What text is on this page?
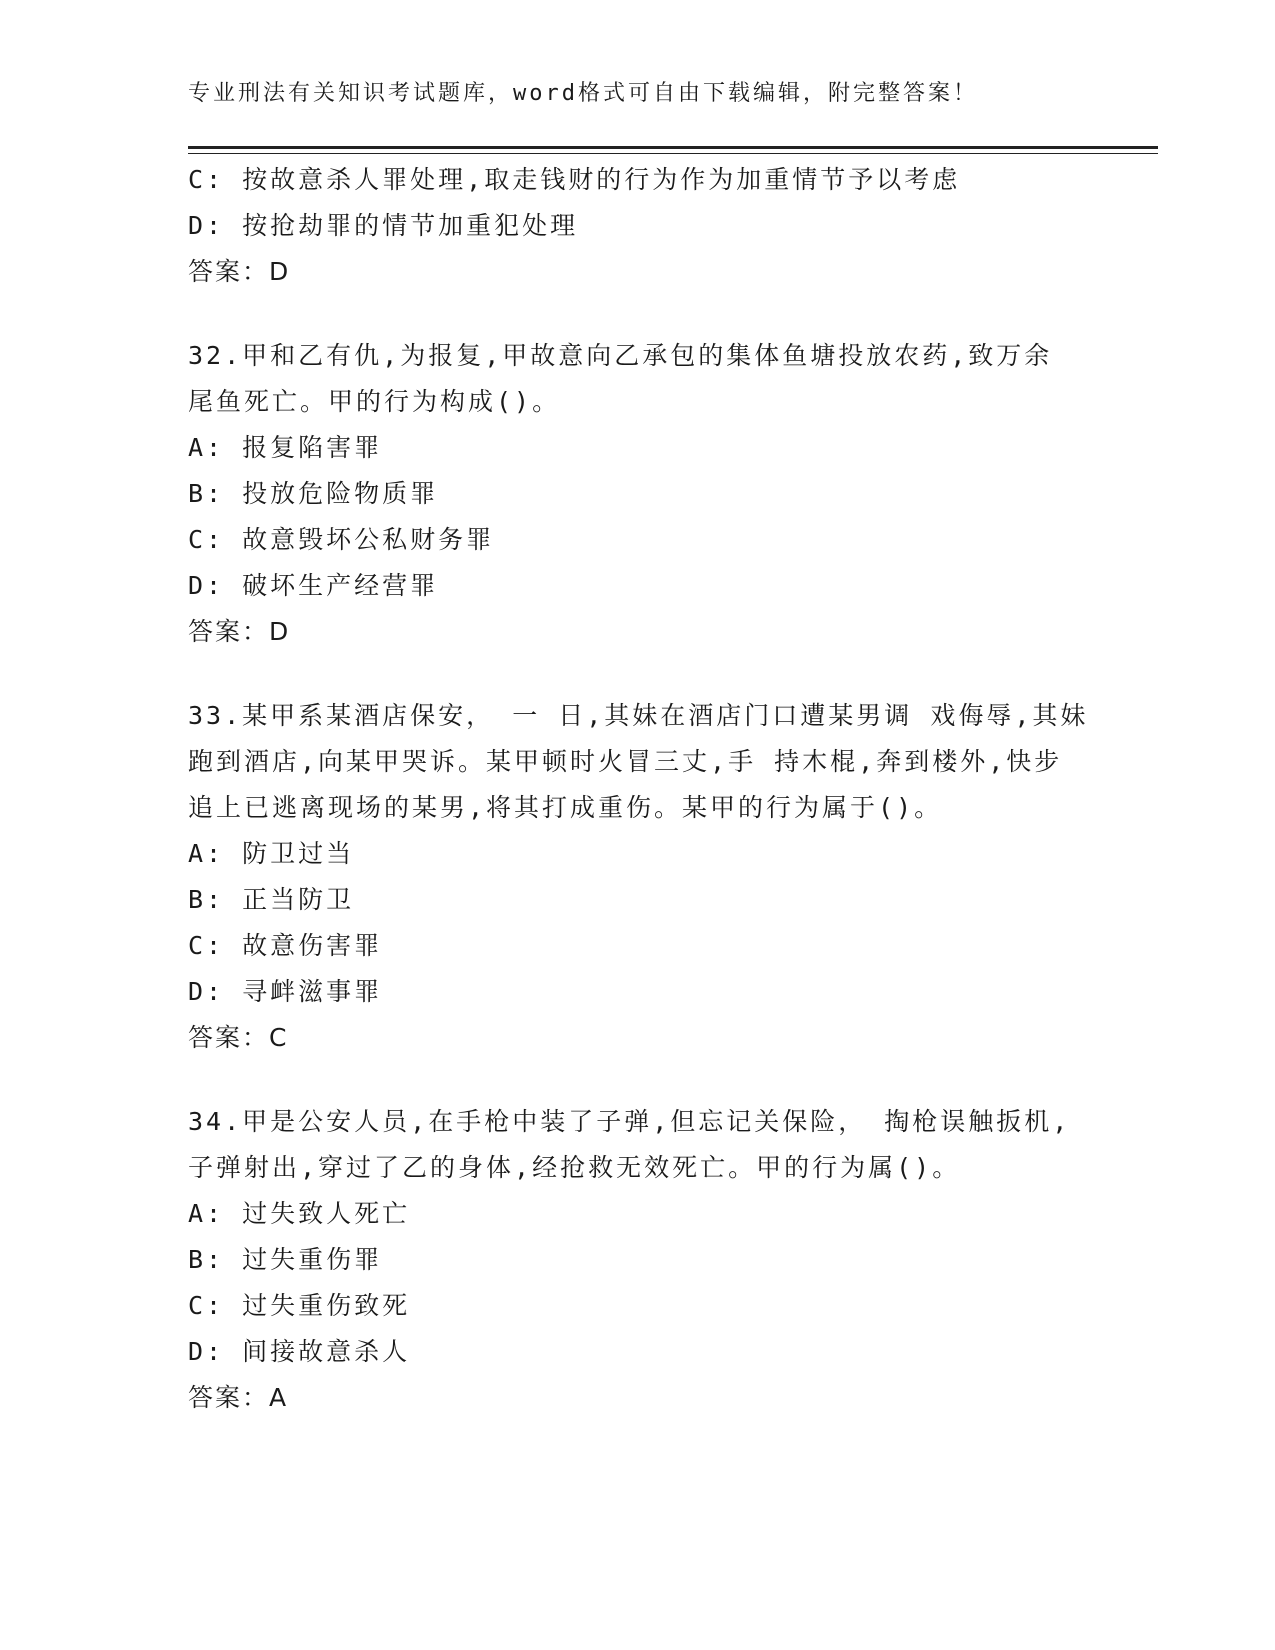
专业刑法有关知识考试题库，word格式可自由下载编辑，附完整答案！
C: 按故意杀人罪处理,取走钱财的行为作为加重情节予以考虑
D: 按抢劫罪的情节加重犯处理
答案：D
32.甲和乙有仇,为报复,甲故意向乙承包的集体鱼塘投放农药,致万余
尾鱼死亡。甲的行为构成()。
A: 报复陷害罪
B: 投放危险物质罪
C: 故意毁坏公私财务罪
D: 破坏生产经营罪
答案：D
33.某甲系某酒店保安， 一 日,其妹在酒店门口遭某男调 戏侮辱,其妹
跑到酒店,向某甲哭诉。某甲顿时火冒三丈,手 持木棍,奔到楼外,快步
追上已逃离现场的某男,将其打成重伤。某甲的行为属于()。
A: 防卫过当
B: 正当防卫
C: 故意伤害罪
D: 寻衅滋事罪
答案：C
34.甲是公安人员,在手枪中装了子弹,但忘记关保险， 掏枪误触扳机,
子弹射出,穿过了乙的身体,经抢救无效死亡。甲的行为属()。
A: 过失致人死亡
B: 过失重伤罪
C: 过失重伤致死
D: 间接故意杀人
答案：A
